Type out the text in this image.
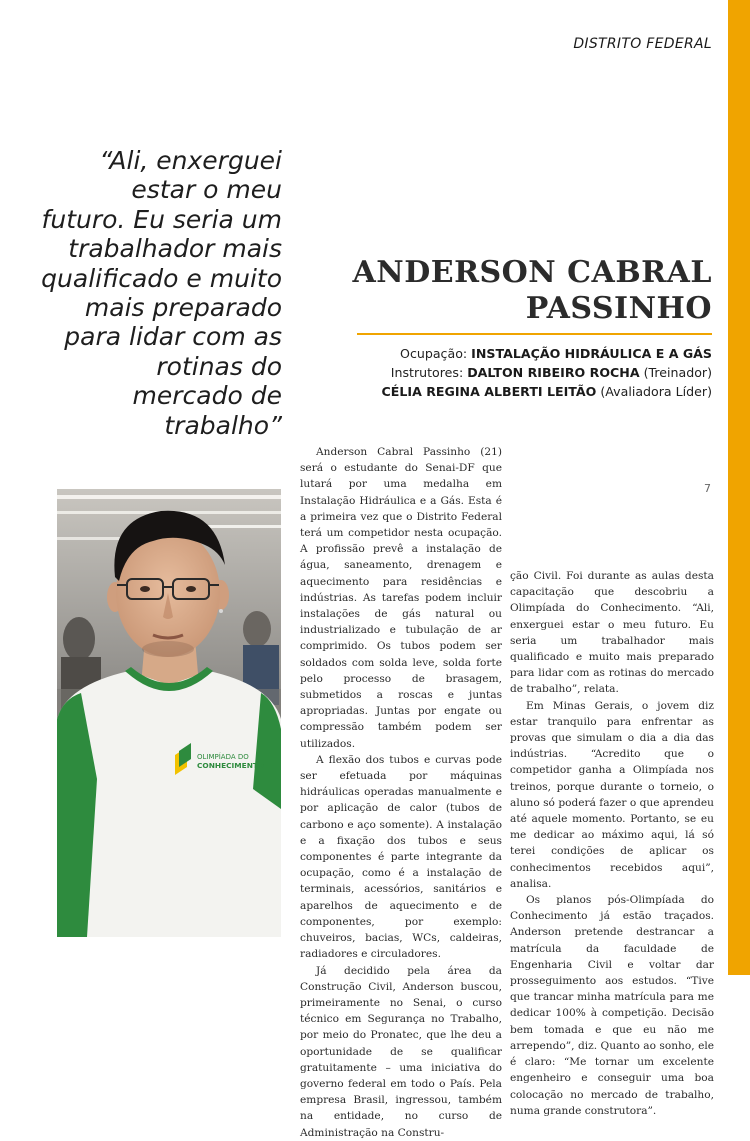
DISTRITO FEDERAL

“Ali, enxerguei estar o meu futuro. Eu seria um trabalhador mais qualificado e muito mais preparado para lidar com as rotinas do mercado de trabalho”

ANDERSON CABRAL
PASSINHO
Ocupação: INSTALAÇÃO HIDRÁULICA E A GÁS
Instrutores: DALTON RIBEIRO ROCHA (Treinador)
CÉLIA REGINA ALBERTI LEITÃO (Avaliadora Líder)
7
OLIMPÍADA DO
CONHECIMENTO

Anderson Cabral Passinho (21) será o estudante do Senai-DF que lutará por uma medalha em Instalação Hidráulica e a Gás. Esta é a primeira vez que o Distrito Federal terá um competidor nesta ocupação. A profissão prevê a instalação de água, saneamento, drenagem e aquecimento para residências e indústrias. As tarefas podem incluir instalações de gás natural ou industrializado e tubulação de ar comprimido. Os tubos podem ser soldados com solda leve, solda forte pelo processo de brasagem, submetidos a roscas e juntas apropriadas. Juntas por engate ou compressão também podem ser utilizados.

A flexão dos tubos e curvas pode ser efetuada por máquinas hidráulicas operadas manualmente e por aplicação de calor (tubos de carbono e aço somente). A instalação e a fixação dos tubos e seus componentes é parte integrante da ocupação, como é a instalação de terminais, acessórios, sanitários e aparelhos de aquecimento e de componentes, por exemplo: chuveiros, bacias, WCs, caldeiras, radiadores e circuladores.

Já decidido pela área da Construção Civil, Anderson buscou, primeiramente no Senai, o curso técnico em Segurança no Trabalho, por meio do Pronatec, que lhe deu a oportunidade de se qualificar gratuitamente – uma iniciativa do governo federal em todo o País. Pela empresa Brasil, ingressou, também na entidade, no curso de Administração na Constru-

ção Civil. Foi durante as aulas desta capacitação que descobriu a Olimpíada do Conhecimento. “Ali, enxerguei estar o meu futuro. Eu seria um trabalhador mais qualificado e muito mais preparado para lidar com as rotinas do mercado de trabalho”, relata.

Em Minas Gerais, o jovem diz estar tranquilo para enfrentar as provas que simulam o dia a dia das indústrias. “Acredito que o competidor ganha a Olimpíada nos treinos, porque durante o torneio, o aluno só poderá fazer o que aprendeu até aquele momento. Portanto, se eu me dedicar ao máximo aqui, lá só terei condições de aplicar os conhecimentos recebidos aqui”, analisa.

Os planos pós-Olimpíada do Conhecimento já estão traçados. Anderson pretende destrancar a matrícula da faculdade de Engenharia Civil e voltar dar prosseguimento aos estudos. “Tive que trancar minha matrícula para me dedicar 100% à competição. Decisão bem tomada e que eu não me arrependo”, diz. Quanto ao sonho, ele é claro: “Me tornar um excelente engenheiro e conseguir uma boa colocação no mercado de trabalho, numa grande construtora”.
